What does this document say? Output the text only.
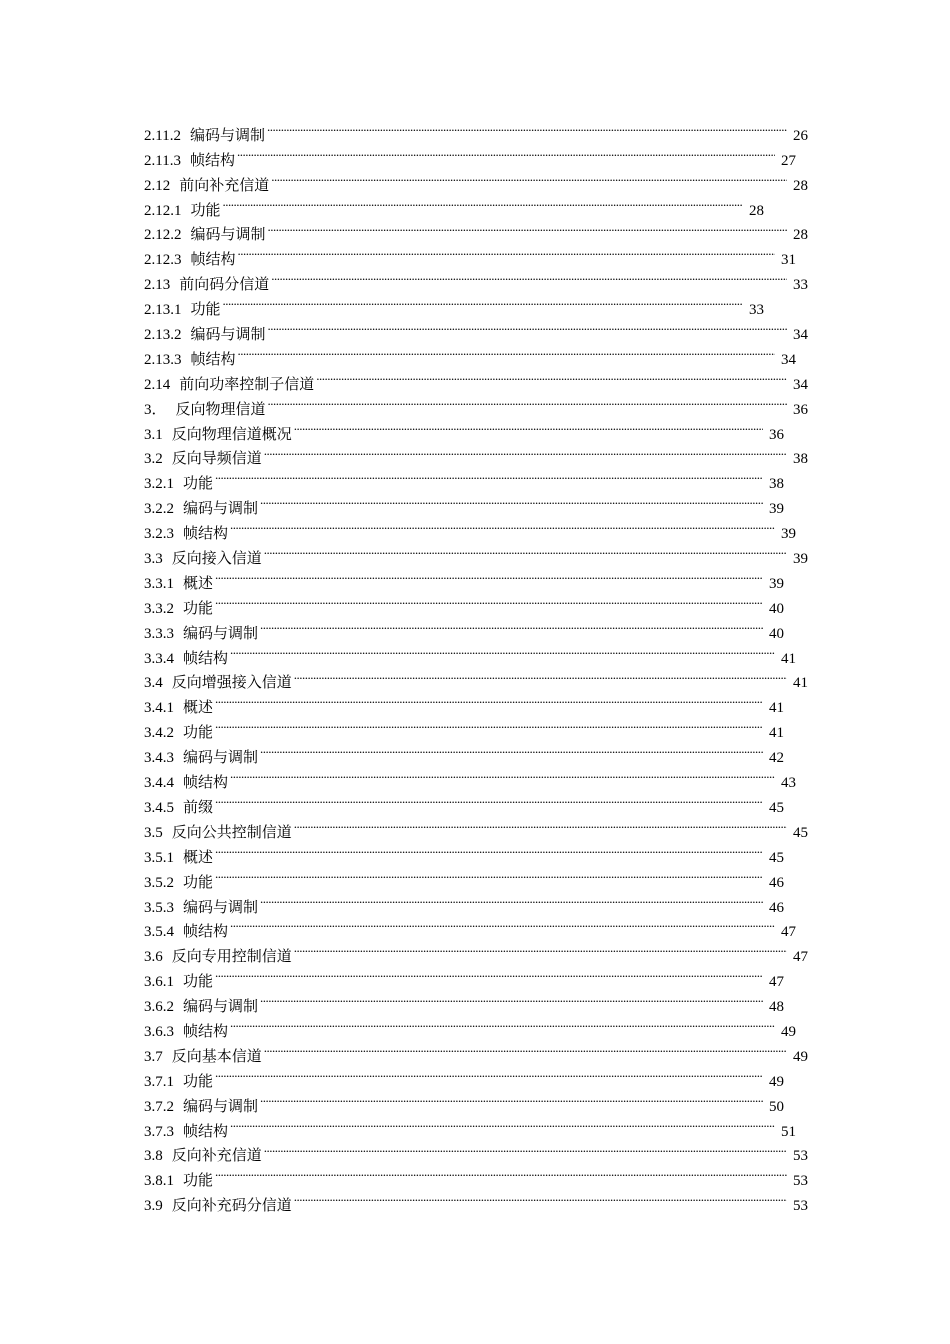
2.11.2 编码与调制 .....	26
2.11.3 帧结构 .....	27
2.12 前向补充信道 .....	28
2.12.1 功能 .....	28
2.12.2 编码与调制 .....	28
2.12.3 帧结构 .....	31
2.13 前向码分信道 .....	33
2.13.1 功能 .....	33
2.13.2 编码与调制 .....	34
2.13.3 帧结构 .....	34
2.14 前向功率控制子信道 .....	34
3． 反向物理信道 .....	36
3.1 反向物理信道概况 .....	36
3.2 反向导频信道 .....	38
3.2.1 功能 .....	38
3.2.2 编码与调制 .....	39
3.2.3 帧结构 .....	39
3.3 反向接入信道 .....	39
3.3.1 概述 .....	39
3.3.2 功能 .....	40
3.3.3 编码与调制 .....	40
3.3.4 帧结构 .....	41
3.4 反向增强接入信道 .....	41
3.4.1 概述 .....	41
3.4.2 功能 .....	41
3.4.3 编码与调制 .....	42
3.4.4 帧结构 .....	43
3.4.5 前缀 .....	45
3.5 反向公共控制信道 .....	45
3.5.1 概述 .....	45
3.5.2 功能 .....	46
3.5.3 编码与调制 .....	46
3.5.4 帧结构 .....	47
3.6 反向专用控制信道 .....	47
3.6.1 功能 .....	47
3.6.2 编码与调制 .....	48
3.6.3 帧结构 .....	49
3.7 反向基本信道 .....	49
3.7.1 功能 .....	49
3.7.2 编码与调制 .....	50
3.7.3 帧结构 .....	51
3.8 反向补充信道 .....	53
3.8.1 功能 .....	53
3.9 反向补充码分信道 .....	53
